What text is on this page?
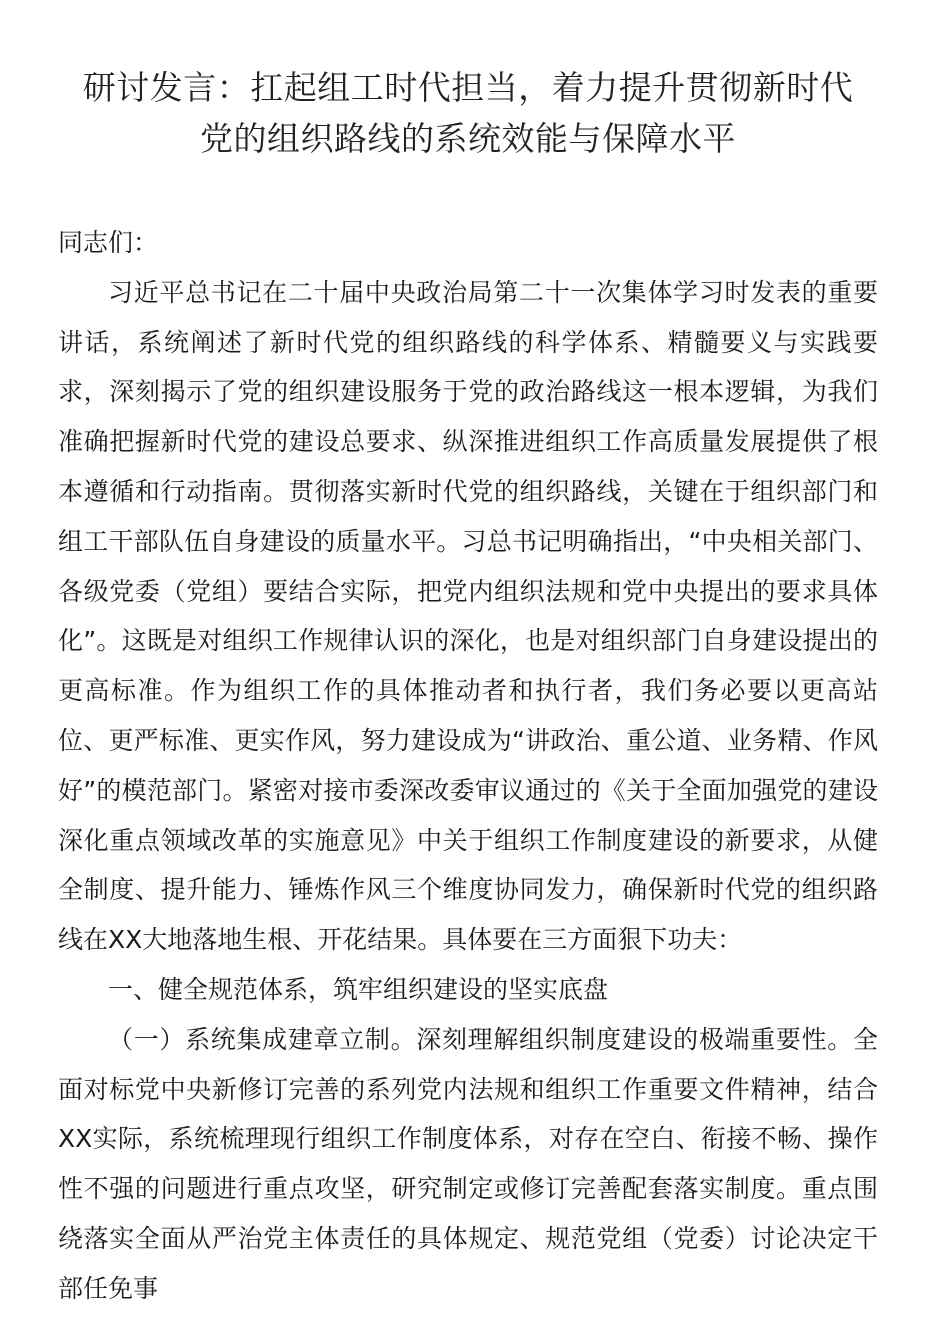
研讨发言：扛起组工时代担当，着力提升贯彻新时代
党的组织路线的系统效能与保障水平

同志们：

习近平总书记在二十届中央政治局第二十一次集体学习时发表的重要讲话，系统阐述了新时代党的组织路线的科学体系、精髓要义与实践要求，深刻揭示了党的组织建设服务于党的政治路线这一根本逻辑，为我们准确把握新时代党的建设总要求、纵深推进组织工作高质量发展提供了根本遵循和行动指南。贯彻落实新时代党的组织路线，关键在于组织部门和组工干部队伍自身建设的质量水平。习总书记明确指出，“中央相关部门、各级党委（党组）要结合实际，把党内组织法规和党中央提出的要求具体化”。这既是对组织工作规律认识的深化，也是对组织部门自身建设提出的更高标准。作为组织工作的具体推动者和执行者，我们务必要以更高站位、更严标准、更实作风，努力建设成为“讲政治、重公道、业务精、作风好”的模范部门。紧密对接市委深改委审议通过的《关于全面加强党的建设深化重点领域改革的实施意见》中关于组织工作制度建设的新要求，从健全制度、提升能力、锤炼作风三个维度协同发力，确保新时代党的组织路线在XX大地落地生根、开花结果。具体要在三方面狠下功夫：

一、健全规范体系，筑牢组织建设的坚实底盘

（一）系统集成建章立制。深刻理解组织制度建设的极端重要性。全面对标党中央新修订完善的系列党内法规和组织工作重要文件精神，结合XX实际，系统梳理现行组织工作制度体系，对存在空白、衔接不畅、操作性不强的问题进行重点攻坚，研究制定或修订完善配套落实制度。重点围绕落实全面从严治党主体责任的具体规定、规范党组（党委）讨论决定干部任免事
